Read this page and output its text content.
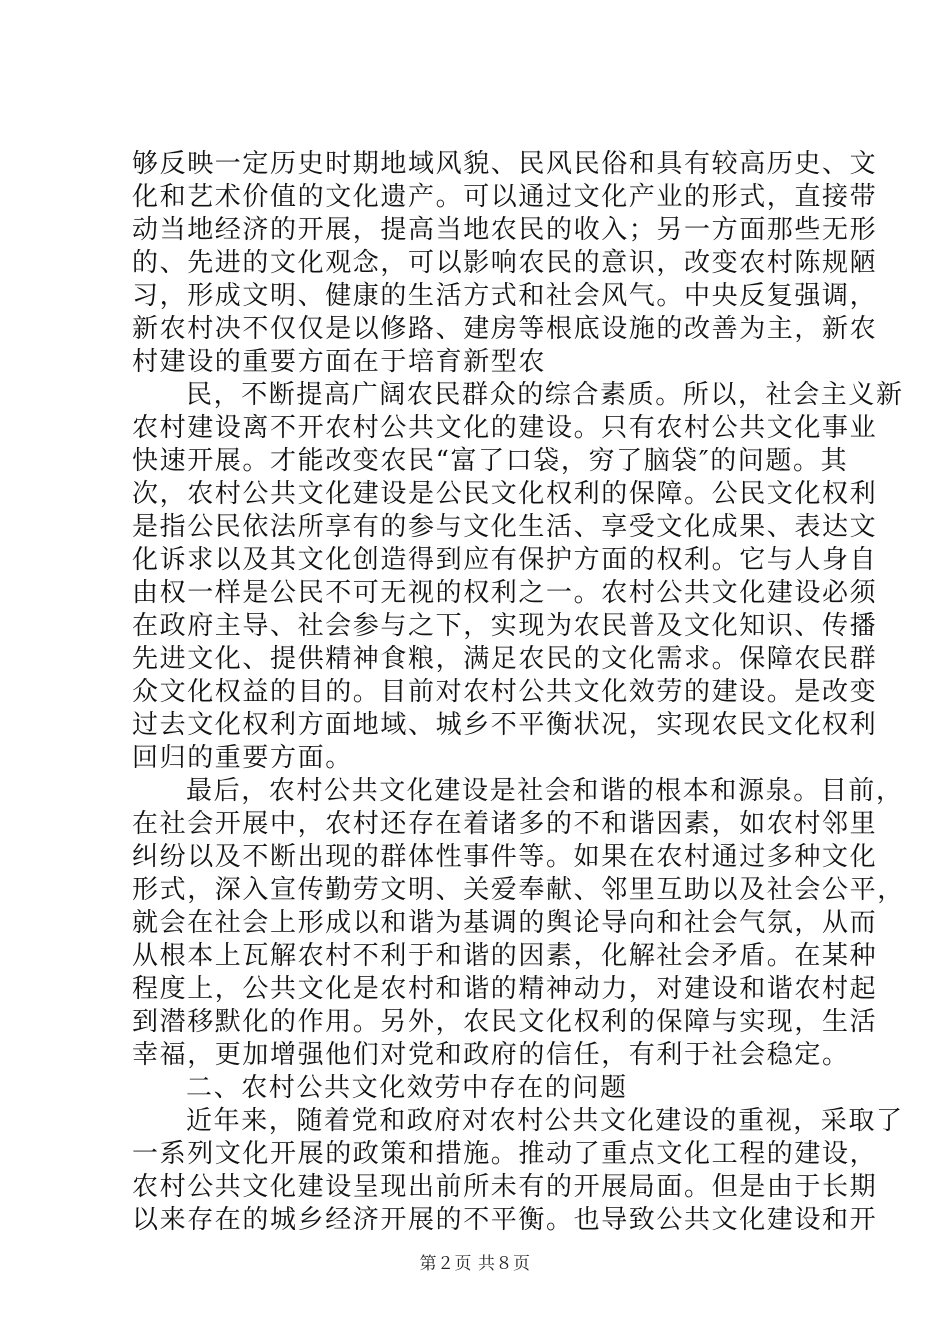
够反映一定历史时期地域风貌、民风民俗和具有较高历史、文
化和艺术价值的文化遗产。可以通过文化产业的形式，直接带
动当地经济的开展，提高当地农民的收入；另一方面那些无形
的、先进的文化观念，可以影响农民的意识，改变农村陈规陋
习，形成文明、健康的生活方式和社会风气。中央反复强调，
新农村决不仅仅是以修路、建房等根底设施的改善为主，新农
村建设的重要方面在于培育新型农
民，不断提高广阔农民群众的综合素质。所以，社会主义新
农村建设离不开农村公共文化的建设。只有农村公共文化事业
快速开展。才能改变农民“富了口袋，穷了脑袋″的问题。其
次，农村公共文化建设是公民文化权利的保障。公民文化权利
是指公民依法所享有的参与文化生活、享受文化成果、表达文
化诉求以及其文化创造得到应有保护方面的权利。它与人身自
由权一样是公民不可无视的权利之一。农村公共文化建设必须
在政府主导、社会参与之下，实现为农民普及文化知识、传播
先进文化、提供精神食粮，满足农民的文化需求。保障农民群
众文化权益的目的。目前对农村公共文化效劳的建设。是改变
过去文化权利方面地域、城乡不平衡状况，实现农民文化权利
回归的重要方面。
最后，农村公共文化建设是社会和谐的根本和源泉。目前，
在社会开展中，农村还存在着诸多的不和谐因素，如农村邻里
纠纷以及不断出现的群体性事件等。如果在农村通过多种文化
形式，深入宣传勤劳文明、关爱奉献、邻里互助以及社会公平，
就会在社会上形成以和谐为基调的舆论导向和社会气氛，从而
从根本上瓦解农村不利于和谐的因素，化解社会矛盾。在某种
程度上，公共文化是农村和谐的精神动力，对建设和谐农村起
到潜移默化的作用。另外，农民文化权利的保障与实现，生活
幸福，更加增强他们对党和政府的信任，有利于社会稳定。
二、农村公共文化效劳中存在的问题
近年来，随着党和政府对农村公共文化建设的重视，采取了
一系列文化开展的政策和措施。推动了重点文化工程的建设，
农村公共文化建设呈现出前所未有的开展局面。但是由于长期
以来存在的城乡经济开展的不平衡。也导致公共文化建设和开
第２页 共８页
